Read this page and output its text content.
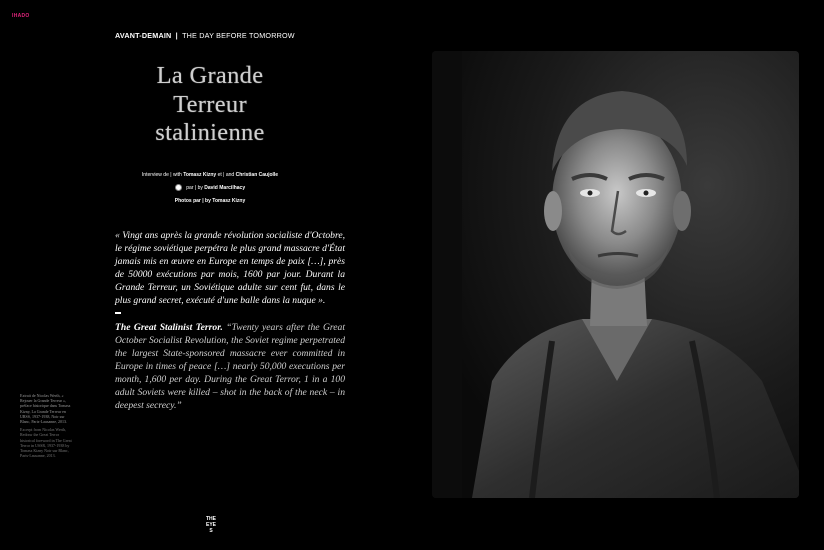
IHADO
AVANT-DEMAIN | THE DAY BEFORE TOMORROW
La Grande
Terreur
stalinienne
Interview de | with Tomasz Kizny et | and Christian Caujolle
par | by David Marcilhacy
Photos par | by Tomasz Kizny
« Vingt ans après la grande révolution socialiste d'Octobre, le régime soviétique perpétra le plus grand massacre d'État jamais mis en œuvre en Europe en temps de paix […], près de 50000 exécutions par mois, 1600 par jour. Durant la Grande Terreur, un Soviétique adulte sur cent fut, dans le plus grand secret, exécuté d'une balle dans la nuque ».
The Great Stalinist Terror. “Twenty years after the Great October Socialist Revolution, the Soviet regime perpetrated the largest State-sponsored massacre ever committed in Europe in times of peace […] nearly 50,000 executions per month, 1,600 per day. During the Great Terror, 1 in a 100 adult Soviets were killed – shot in the back of the neck – in deepest secrecy.”
Extrait de Nicolas Werth, « Rejouer la Grande Terreur », préface historique dans Tomasz Kizny, La Grande Terreur en URSS, 1937-1938, Noir sur Blanc, Paris-Lausanne, 2013.
Excerpt from Nicolas Werth, Redraw the Great Terror historical foreword in The Great Terror in USSR, 1937-1938 by Tomasz Kizny Noir sur Blanc, Paris-Lausanne, 2013.
THE
EYE
S
